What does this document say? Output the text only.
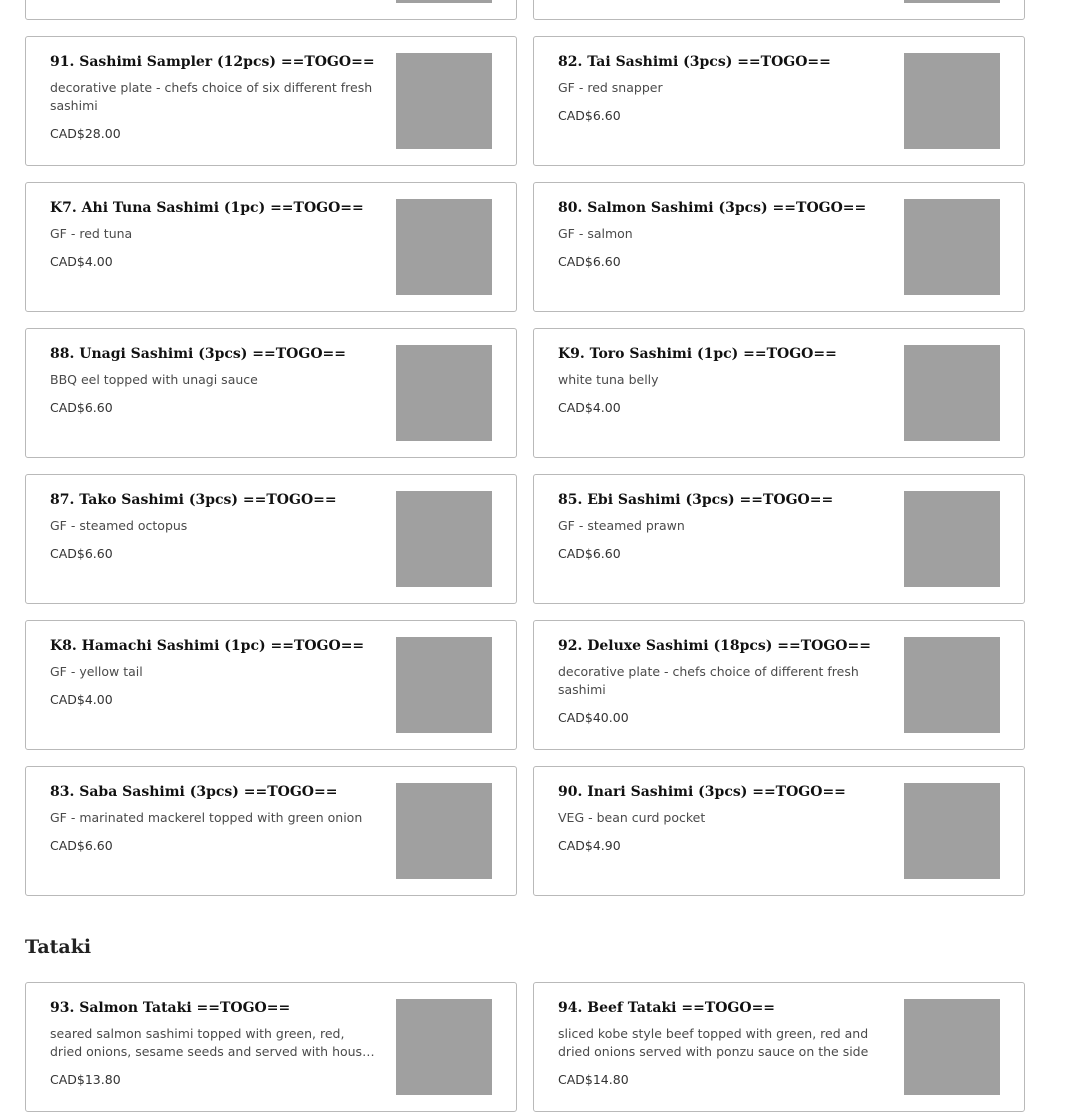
91. Sashimi Sampler (12pcs) ==TOGO==
decorative plate - chefs choice of six different fresh sashimi
CAD$28.00
82. Tai Sashimi (3pcs) ==TOGO==
GF - red snapper
CAD$6.60
K7. Ahi Tuna Sashimi (1pc) ==TOGO==
GF - red tuna
CAD$4.00
80. Salmon Sashimi (3pcs) ==TOGO==
GF - salmon
CAD$6.60
88. Unagi Sashimi (3pcs) ==TOGO==
BBQ eel topped with unagi sauce
CAD$6.60
K9. Toro Sashimi (1pc) ==TOGO==
white tuna belly
CAD$4.00
87. Tako Sashimi (3pcs) ==TOGO==
GF - steamed octopus
CAD$6.60
85. Ebi Sashimi (3pcs) ==TOGO==
GF - steamed prawn
CAD$6.60
K8. Hamachi Sashimi (1pc) ==TOGO==
GF - yellow tail
CAD$4.00
92. Deluxe Sashimi (18pcs) ==TOGO==
decorative plate - chefs choice of different fresh sashimi
CAD$40.00
83. Saba Sashimi (3pcs) ==TOGO==
GF - marinated mackerel topped with green onion
CAD$6.60
90. Inari Sashimi (3pcs) ==TOGO==
VEG - bean curd pocket
CAD$4.90
Tataki
93. Salmon Tataki ==TOGO==
seared salmon sashimi topped with green, red, dried onions, sesame seeds and served with house
CAD$13.80
94. Beef Tataki ==TOGO==
sliced kobe style beef topped with green, red and dried onions served with ponzu sauce on the side
CAD$14.80
